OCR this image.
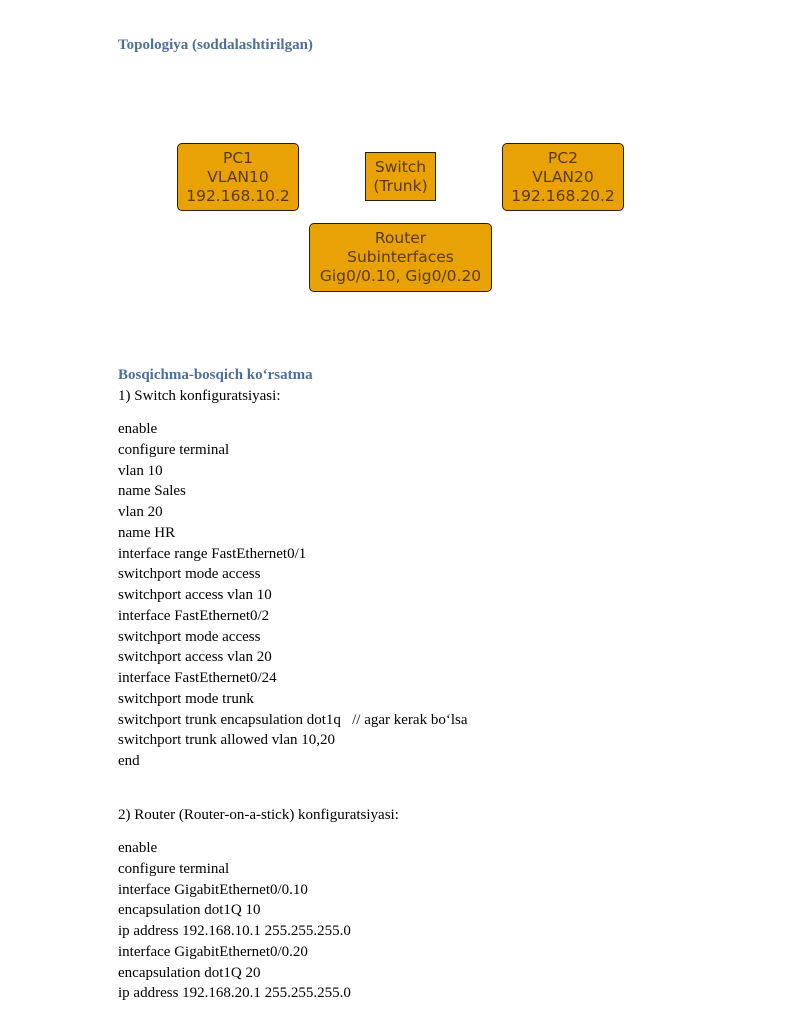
Topologiya (soddalashtirilgan)
PC1
VLAN10
192.168.10.2
Switch
(Trunk)
PC2
VLAN20
192.168.20.2
Router
Subinterfaces
Gig0/0.10, Gig0/0.20
Bosqichma-bosqich ko‘rsatma
1) Switch konfiguratsiyasi:
enable
configure terminal
vlan 10
name Sales
vlan 20
name HR
interface range FastEthernet0/1
switchport mode access
switchport access vlan 10
interface FastEthernet0/2
switchport mode access
switchport access vlan 20
interface FastEthernet0/24
switchport mode trunk
switchport trunk encapsulation dot1q   // agar kerak bo‘lsa
switchport trunk allowed vlan 10,20
end
2) Router (Router-on-a-stick) konfiguratsiyasi:
enable
configure terminal
interface GigabitEthernet0/0.10
encapsulation dot1Q 10
ip address 192.168.10.1 255.255.255.0
interface GigabitEthernet0/0.20
encapsulation dot1Q 20
ip address 192.168.20.1 255.255.255.0
